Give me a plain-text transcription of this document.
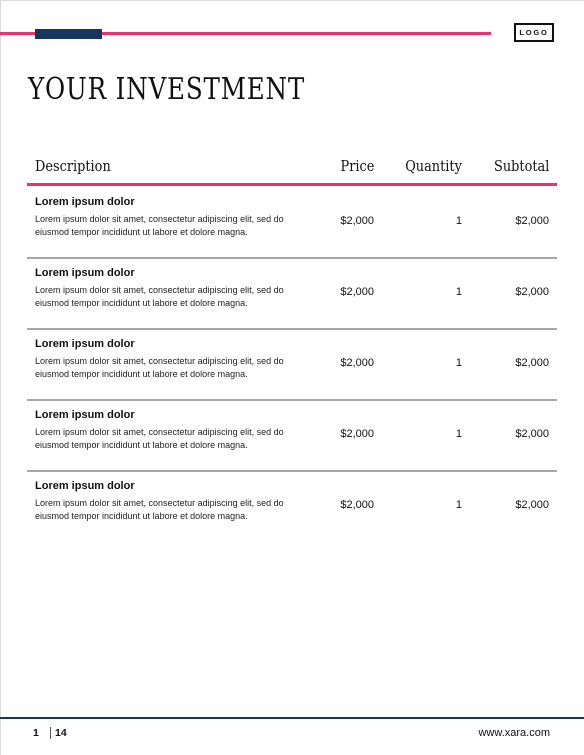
LOGO
YOUR INVESTMENT
Description	Price Quantity Subtotal
Lorem ipsum dolor
Lorem ipsum dolor sit amet, consectetur adipiscing elit, sed do eiusmod tempor incididunt ut labore et dolore magna.
$2,000	1	$2,000
Lorem ipsum dolor
Lorem ipsum dolor sit amet, consectetur adipiscing elit, sed do eiusmod tempor incididunt ut labore et dolore magna.
$2,000	1	$2,000
Lorem ipsum dolor
Lorem ipsum dolor sit amet, consectetur adipiscing elit, sed do eiusmod tempor incididunt ut labore et dolore magna.
$2,000	1	$2,000
Lorem ipsum dolor
Lorem ipsum dolor sit amet, consectetur adipiscing elit, sed do eiusmod tempor incididunt ut labore et dolore magna.
$2,000	1	$2,000
Lorem ipsum dolor
Lorem ipsum dolor sit amet, consectetur adipiscing elit, sed do eiusmod tempor incididunt ut labore et dolore magna.
$2,000	1	$2,000
1 14	www.xara.com
